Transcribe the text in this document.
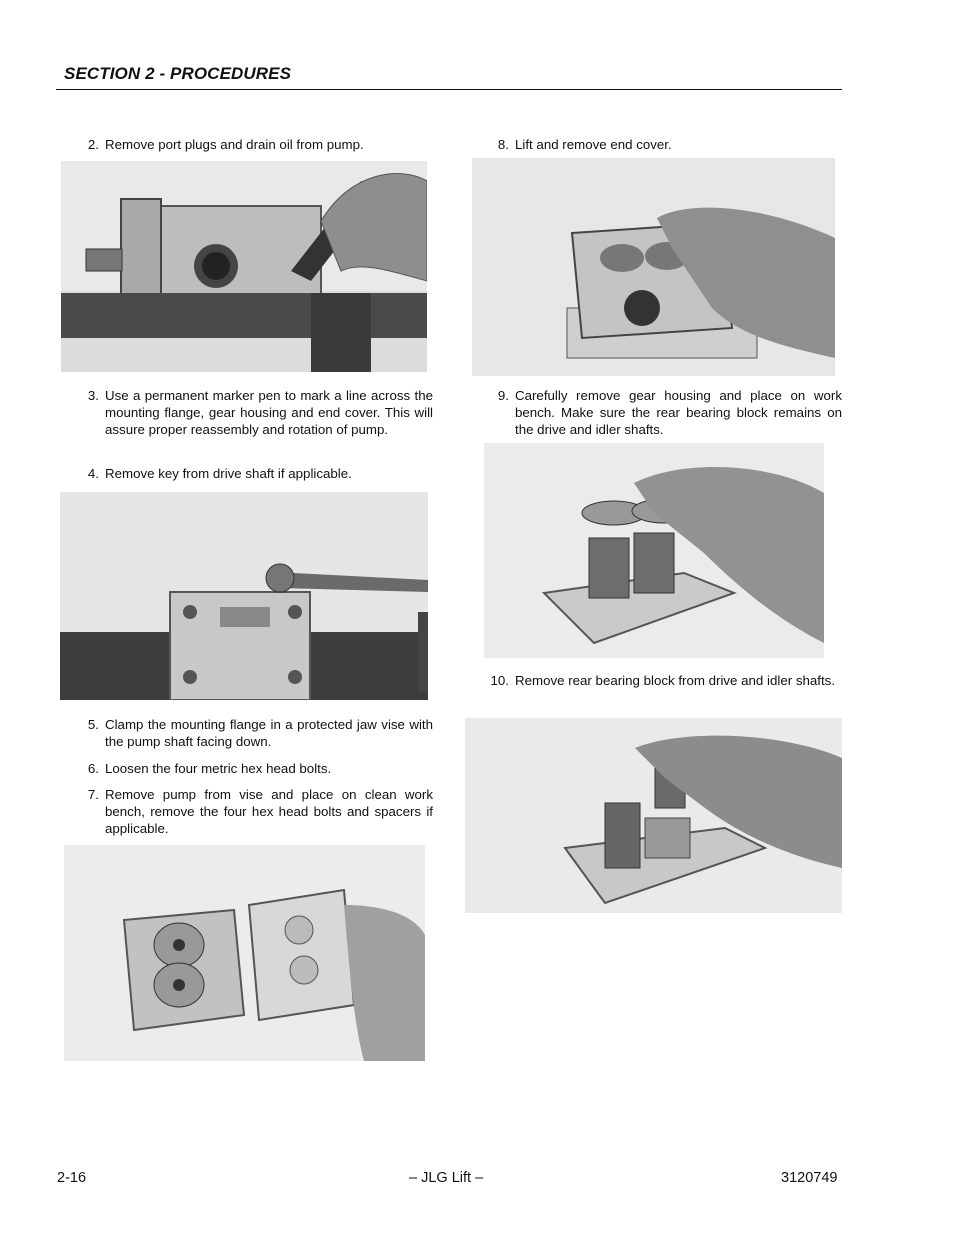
SECTION 2 - PROCEDURES
2. Remove port plugs and drain oil from pump.
3. Use a permanent marker pen to mark a line across the mounting flange, gear housing and end cover. This will assure proper reassembly and rotation of pump.
4. Remove key from drive shaft if applicable.
5. Clamp the mounting flange in a protected jaw vise with the pump shaft facing down.
6. Loosen the four metric hex head bolts.
7. Remove pump from vise and place on clean work bench, remove the four hex head bolts and spacers if applicable.
8. Lift and remove end cover.
9. Carefully remove gear housing and place on work bench. Make sure the rear bearing block remains on the drive and idler shafts.
10. Remove rear bearing block from drive and idler shafts.
2-16	– JLG Lift –	3120749
